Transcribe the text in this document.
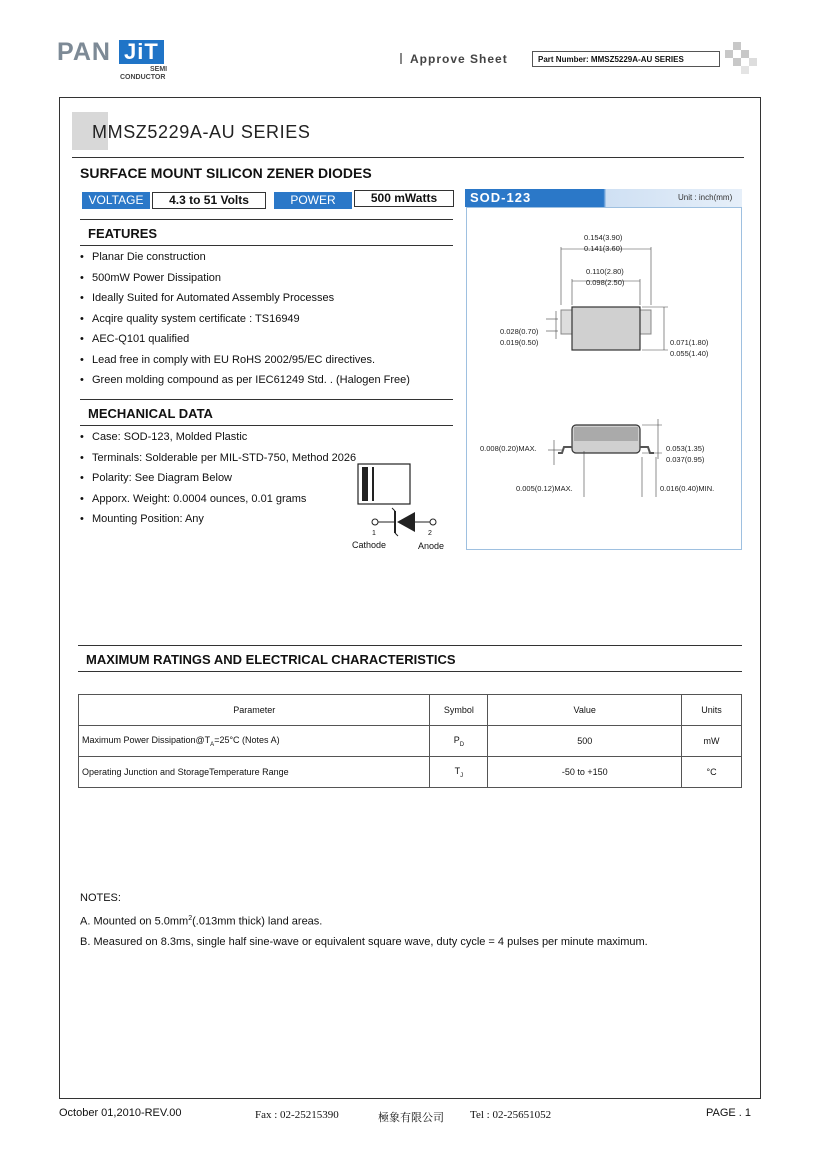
PAN JiT
SEMI
CONDUCTOR
Approve Sheet	Part Number: MMSZ5229A-AU SERIES
MMSZ5229A-AU SERIES
SURFACE MOUNT SILICON ZENER DIODES
VOLTAGE	4.3 to 51 Volts	POWER	500 mWatts
FEATURES
• Planar Die construction
• 500mW Power Dissipation
• Ideally Suited for Automated Assembly Processes
• Acqire quality system certificate : TS16949
• AEC-Q101 qualified
• Lead free in comply with EU RoHS 2002/95/EC directives.
• Green molding compound as per IEC61249 Std. . (Halogen Free)
MECHANICAL DATA
• Case: SOD-123, Molded Plastic
• Terminals: Solderable per MIL-STD-750, Method 2026
• Polarity: See Diagram Below
• Apporx. Weight: 0.0004 ounces, 0.01 grams
• Mounting Position: Any
1	2
Cathode	Anode
SOD-123	Unit : inch(mm)
0.154(3.90)
0.141(3.60)
0.110(2.80)
0.098(2.50)
0.028(0.70)
0.019(0.50)	0.071(1.80)
0.055(1.40)
0.008(0.20)MAX.	0.053(1.35)
0.037(0.95)
0.005(0.12)MAX.	0.016(0.40)MIN.
MAXIMUM RATINGS AND ELECTRICAL CHARACTERISTICS
Parameter	Symbol	Value	Units
Maximum Power $Dissipation@T_A=25^\circ C$ (Notes A)	$P_D$	500	mW
Operating Junction and StorageTemperature Range	$T_J$	-50 to +150	°C
NOTES:
A. Mounted on $5.0mm^2(.013mm$ thick) land areas.
B. Measured on 8.3ms, single half sine-wave or equivalent square wave, duty cycle = 4 pulses per minute maximum.
October 01,2010-REV.00	Fax : 02-25215390	極象有限公司 Tel : 02-25651052	PAGE . 1
